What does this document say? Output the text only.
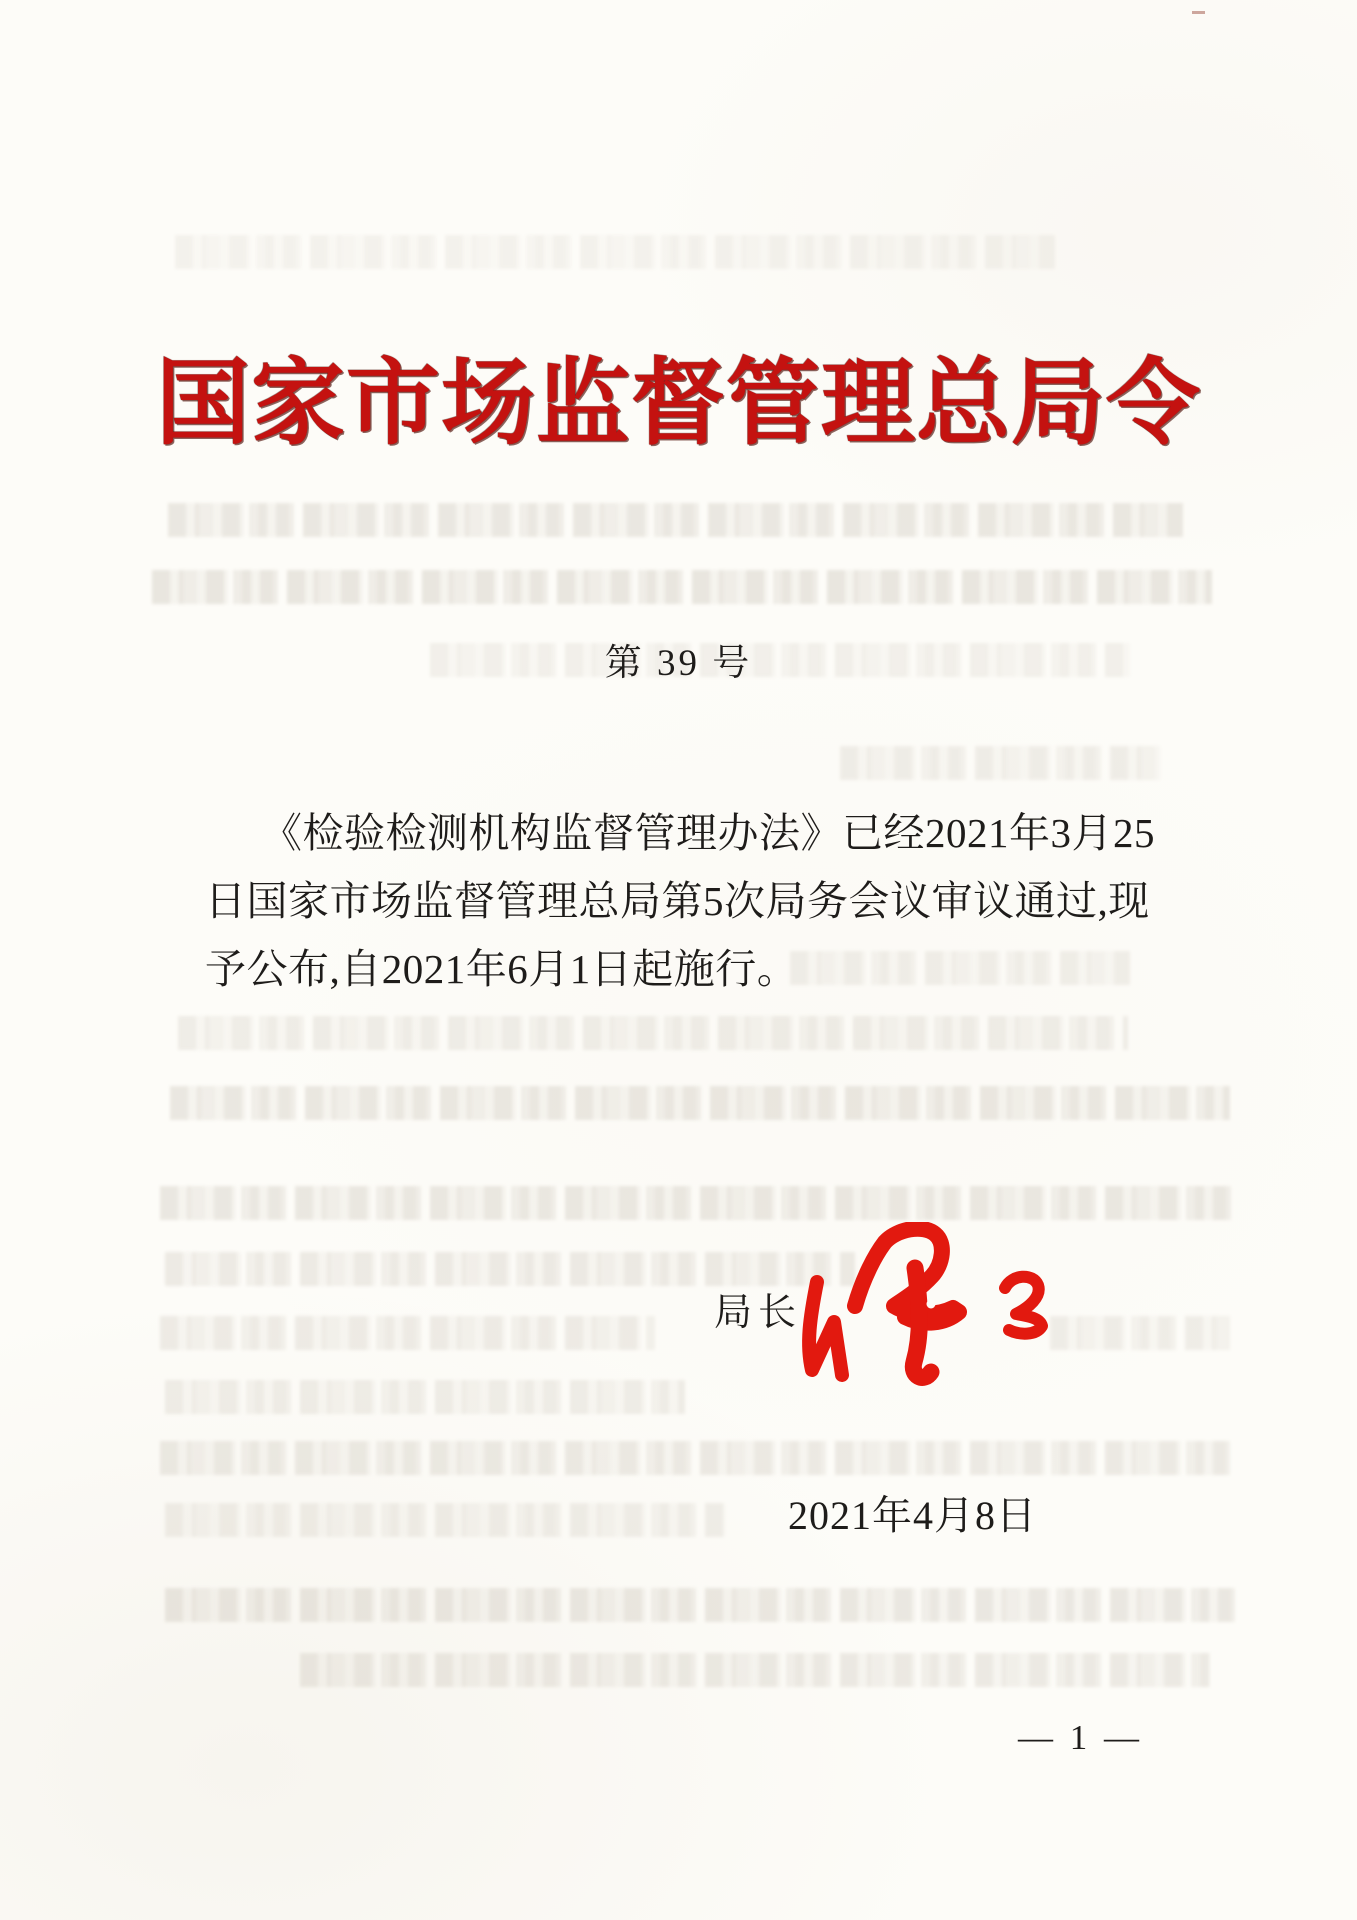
国家市场监督管理总局令
第 39 号
《检验检测机构监督管理办法》已经2021年3月25
日国家市场监督管理总局第5次局务会议审议通过,现
予公布,自2021年6月1日起施行。
局长
2021年4月8日
— 1 —
